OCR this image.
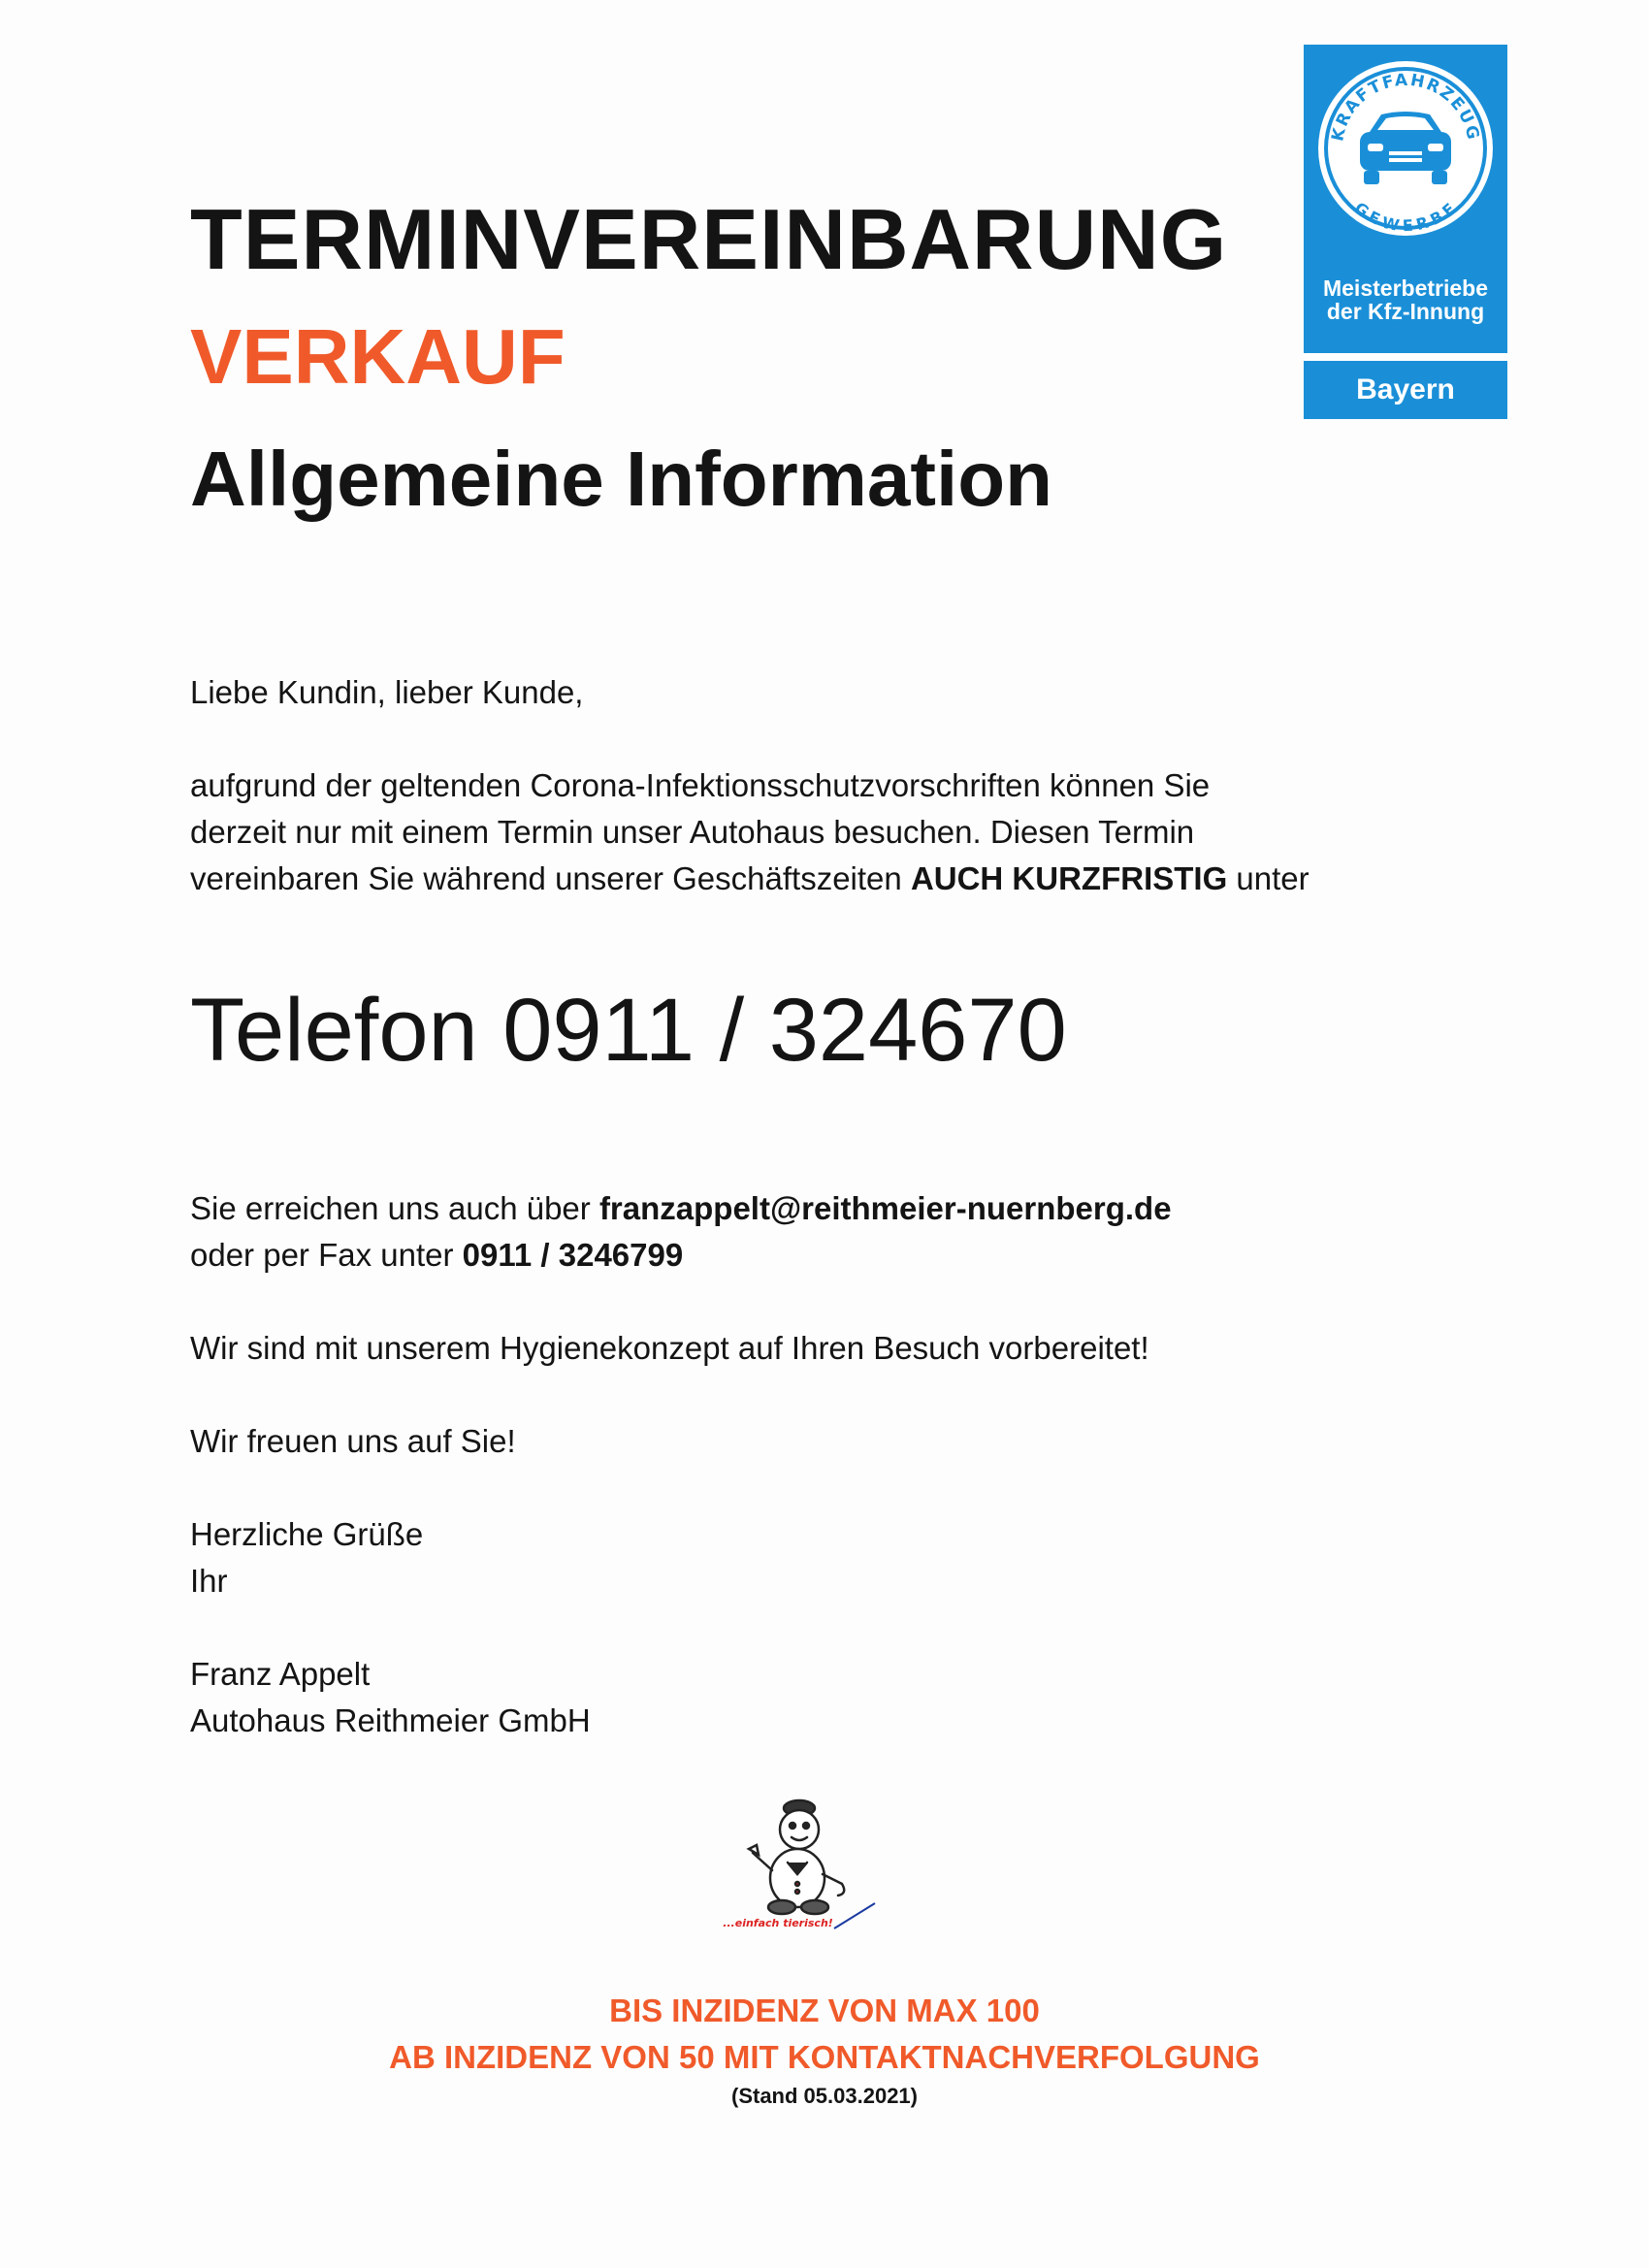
TERMINVEREINBARUNG
VERKAUF
Allgemeine Information
KRAFTFAHRZEUG
GEWERBE
Meisterbetriebe
der Kfz-Innung
Bayern
Liebe Kundin, lieber Kunde,
aufgrund der geltenden Corona-Infektionsschutzvorschriften können Sie
derzeit nur mit einem Termin unser Autohaus besuchen. Diesen Termin
vereinbaren Sie während unserer Geschäftszeiten AUCH KURZFRISTIG unter
Telefon 0911 / 324670
Sie erreichen uns auch über franzappelt@reithmeier-nuernberg.de
oder per Fax unter 0911 / 3246799
Wir sind mit unserem Hygienekonzept auf Ihren Besuch vorbereitet!
Wir freuen uns auf Sie!
Herzliche Grüße
Ihr
Franz Appelt
Autohaus Reithmeier GmbH
...einfach tierisch!
BIS INZIDENZ VON MAX 100
AB INZIDENZ VON 50 MIT KONTAKTNACHVERFOLGUNG
(Stand 05.03.2021)
